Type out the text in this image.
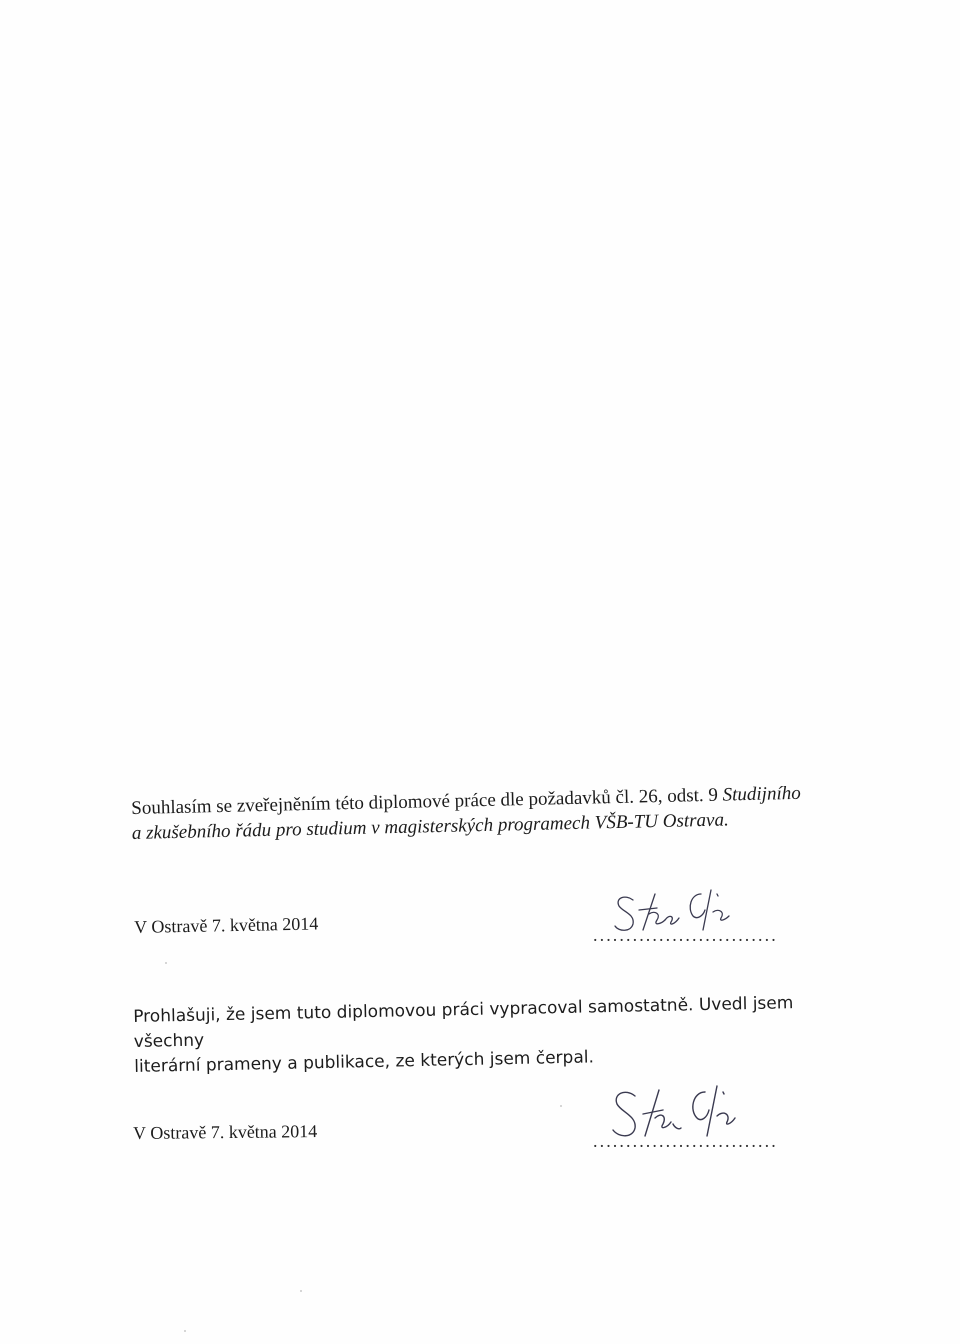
Souhlasím se zveřejněním této diplomové práce dle požadavků čl. 26, odst. 9 Studijního
a zkušebního řádu pro studium v magisterských programech VŠB-TU Ostrava.
V Ostravě 7. května 2014	............................
Prohlašuji, že jsem tuto diplomovou práci vypracoval samostatně. Uvedl jsem všechny
literární prameny a publikace, ze kterých jsem čerpal.
V Ostravě 7. května 2014	............................
